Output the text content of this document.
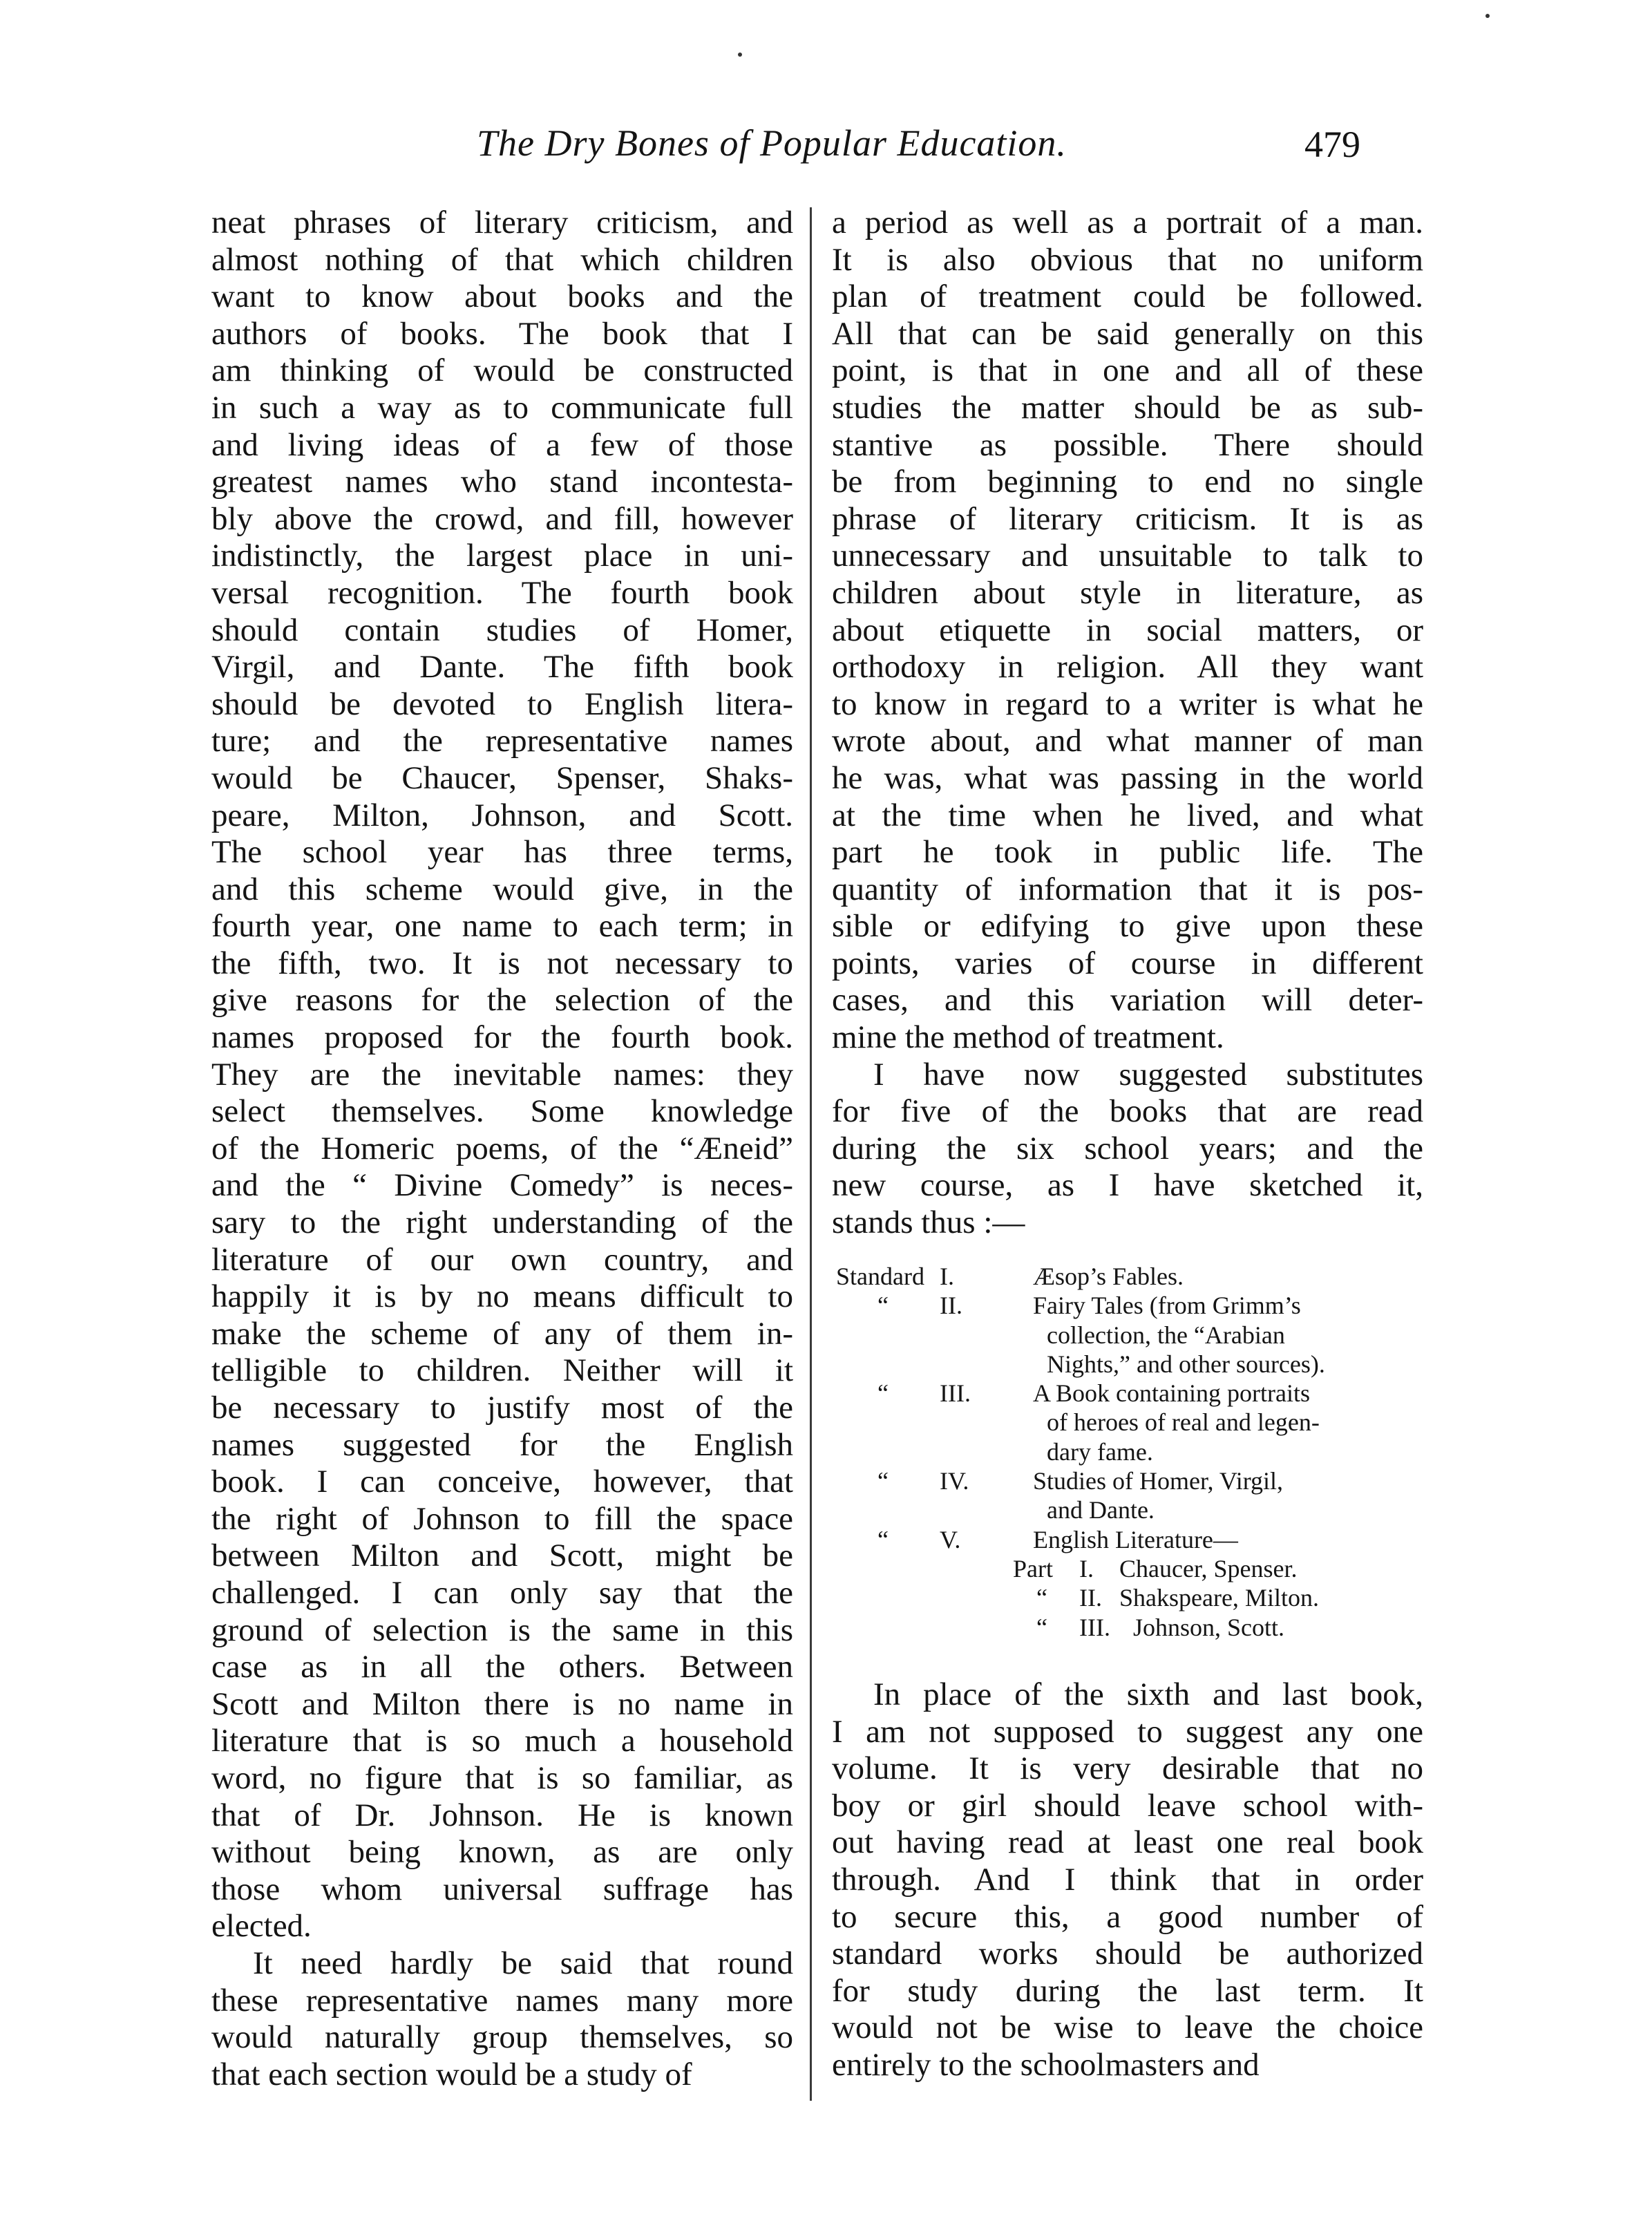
The Dry Bones of Popular Education.	479
neat phrases of literary criticism, and
almost nothing of that which children
want to know about books and the
authors of books. The book that I
am thinking of would be constructed
in such a way as to communicate full
and living ideas of a few of those
greatest names who stand incontesta-
bly above the crowd, and fill, however
indistinctly, the largest place in uni-
versal recognition. The fourth book
should contain studies of Homer,
Virgil, and Dante. The fifth book
should be devoted to English litera-
ture; and the representative names
would be Chaucer, Spenser, Shaks-
peare, Milton, Johnson, and Scott.
The school year has three terms,
and this scheme would give, in the
fourth year, one name to each term; in
the fifth, two. It is not necessary to
give reasons for the selection of the
names proposed for the fourth book.
They are the inevitable names: they
select themselves. Some knowledge
of the Homeric poems, of the “Æneid”
and the “ Divine Comedy” is neces-
sary to the right understanding of the
literature of our own country, and
happily it is by no means difficult to
make the scheme of any of them in-
telligible to children. Neither will it
be necessary to justify most of the
names suggested for the English
book. I can conceive, however, that
the right of Johnson to fill the space
between Milton and Scott, might be
challenged. I can only say that the
ground of selection is the same in this
case as in all the others. Between
Scott and Milton there is no name in
literature that is so much a household
word, no figure that is so familiar, as
that of Dr. Johnson. He is known
without being known, as are only
those whom universal suffrage has
elected.
It need hardly be said that round
these representative names many more
would naturally group themselves, so
that each section would be a study of
a period as well as a portrait of a man.
It is also obvious that no uniform
plan of treatment could be followed.
All that can be said generally on this
point, is that in one and all of these
studies the matter should be as sub-
stantive as possible. There should
be from beginning to end no single
phrase of literary criticism. It is as
unnecessary and unsuitable to talk to
children about style in literature, as
about etiquette in social matters, or
orthodoxy in religion. All they want
to know in regard to a writer is what he
wrote about, and what manner of man
he was, what was passing in the world
at the time when he lived, and what
part he took in public life. The
quantity of information that it is pos-
sible or edifying to give upon these
points, varies of course in different
cases, and this variation will deter-
mine the method of treatment.
I have now suggested substitutes
for five of the books that are read
during the six school years; and the
new course, as I have sketched it,
stands thus :—
Standard I.	Æsop’s Fables.
“ II.	Fairy Tales (from Grimm’s
collection, the “Arabian
Nights,” and other sources).
“ III.	A Book containing portraits
of heroes of real and legen-
dary fame.
“ IV.	Studies of Homer, Virgil,
and Dante.
“ V.	English Literature—
Part I. Chaucer, Spenser.
“ II. Shakspeare, Milton.
“ III. Johnson, Scott.
In place of the sixth and last book,
I am not supposed to suggest any one
volume. It is very desirable that no
boy or girl should leave school with-
out having read at least one real book
through. And I think that in order
to secure this, a good number of
standard works should be authorized
for study during the last term. It
would not be wise to leave the choice
entirely to the schoolmasters and
